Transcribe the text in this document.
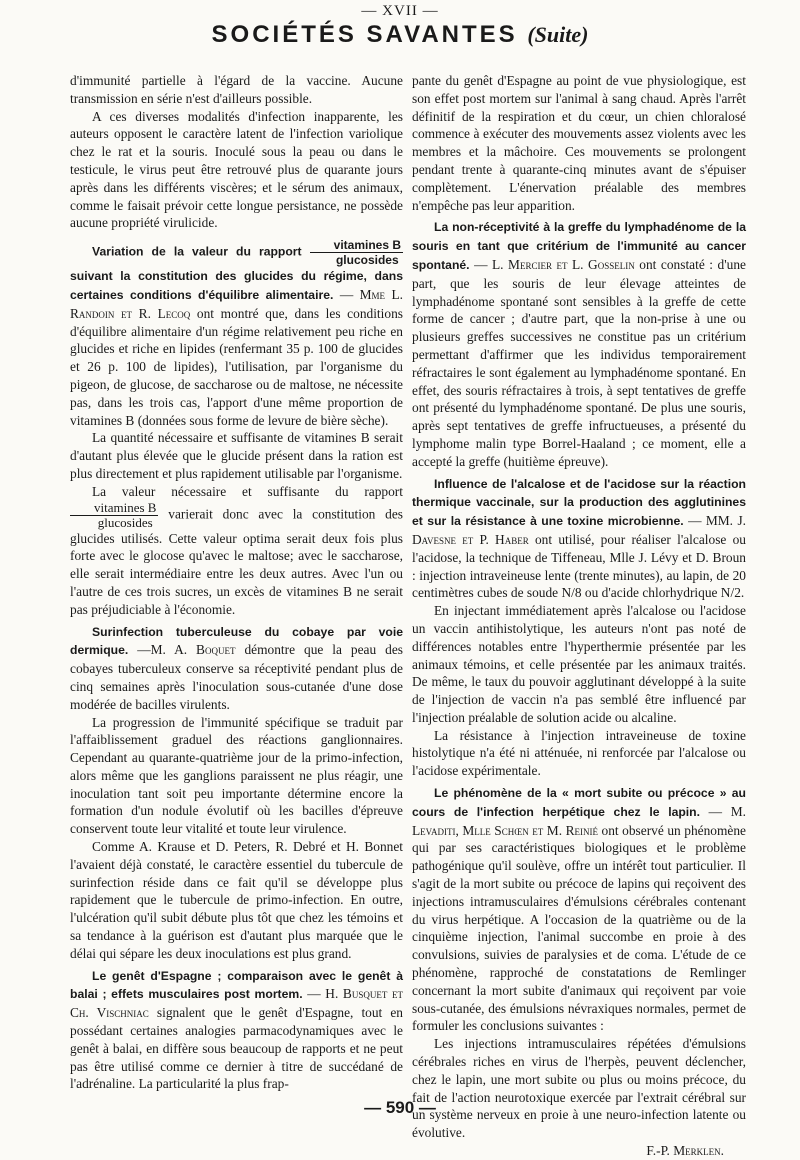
— XVII —
SOCIÉTÉS SAVANTES (Suite)

d'immunité partielle à l'égard de la vaccine. Aucune transmission en série n'est d'ailleurs possible.

A ces diverses modalités d'infection inapparente, les auteurs opposent le caractère latent de l'infection variolique chez le rat et la souris. Inoculé sous la peau ou dans le testicule, le virus peut être retrouvé plus de quarante jours après dans les différents viscères; et le sérum des animaux, comme le faisait prévoir cette longue persistance, ne possède aucune propriété virulicide.

Variation de la valeur du rapport $\frac{\text{vitamines B}}{\text{glucosides}}$
suivant la constitution des glucides du régime, dans certaines conditions d'équilibre alimentaire. — Mme L. Randoin et R. Lecoq ont montré que, dans les conditions d'équilibre alimentaire d'un régime relativement peu riche en glucides et riche en lipides (renfermant 35 p. 100 de glucides et 26 p. 100 de lipides), l'utilisation, par l'organisme du pigeon, de glucose, de saccharose ou de maltose, ne nécessite pas, dans les trois cas, l'apport d'une même proportion de vitamines B (données sous forme de levure de bière sèche).

La quantité nécessaire et suffisante de vitamines B serait d'autant plus élevée que le glucide présent dans la ration est plus directement et plus rapidement utilisable par l'organisme.

La valeur nécessaire et suffisante du rapport
$\frac{\text{vitamines B}}{\text{glucosides}}$ varierait donc avec la constitution des glucides utilisés. Cette valeur optima serait deux fois plus forte avec le glocose qu'avec le maltose; avec le saccharose, elle serait intermédiaire entre les deux autres. Avec l'un ou l'autre de ces trois sucres, un excès de vitamines B ne serait pas préjudiciable à l'économie.

Surinfection tuberculeuse du cobaye par voie dermique. —M. A. Boquet démontre que la peau des cobayes tuberculeux conserve sa réceptivité pendant plus de cinq semaines après l'inoculation sous-cutanée d'une dose modérée de bacilles virulents.

La progression de l'immunité spécifique se traduit par l'affaiblissement graduel des réactions ganglionnaires. Cependant au quarante-quatrième jour de la primo-infection, alors même que les ganglions paraissent ne plus réagir, une inoculation tant soit peu importante détermine encore la formation d'un nodule évolutif où les bacilles d'épreuve conservent toute leur vitalité et toute leur virulence.

Comme A. Krause et D. Peters, R. Debré et H. Bonnet l'avaient déjà constaté, le caractère essentiel du tubercule de surinfection réside dans ce fait qu'il se développe plus rapidement que le tubercule de primo-infection. En outre, l'ulcération qu'il subit débute plus tôt que chez les témoins et sa tendance à la guérison est d'autant plus marquée que le délai qui sépare les deux inoculations est plus grand.

Le genêt d'Espagne ; comparaison avec le genêt à balai ; effets musculaires post mortem. — H. Busquet et Ch. Vischniac signalent que le genêt d'Espagne, tout en possédant certaines analogies parmacodynamiques avec le genêt à balai, en diffère sous beaucoup de rapports et ne peut pas être utilisé comme ce dernier à titre de succédané de l'adrénaline. La particularité la plus frap-

pante du genêt d'Espagne au point de vue physiologique, est son effet post mortem sur l'animal à sang chaud. Après l'arrêt définitif de la respiration et du cœur, un chien chloralosé commence à exécuter des mouvements assez violents avec les membres et la mâchoire. Ces mouvements se prolongent pendant trente à quarante-cinq minutes avant de s'épuiser complètement. L'énervation préalable des membres n'empêche pas leur apparition.

La non-réceptivité à la greffe du lymphadénome de la souris en tant que critérium de l'immunité au cancer spontané. — L. Mercier et L. Gosselin ont constaté : d'une part, que les souris de leur élevage atteintes de lymphadénome spontané sont sensibles à la greffe de cette forme de cancer ; d'autre part, que la non-prise à une ou plusieurs greffes successives ne constitue pas un critérium permettant d'affirmer que les individus temporairement réfractaires le sont également au lymphadénome spontané. En effet, des souris réfractaires à trois, à sept tentatives de greffe ont présenté du lymphadénome spontané. De plus une souris, après sept tentatives de greffe infructueuses, a présenté du lymphome malin type Borrel-Haaland ; ce moment, elle a accepté la greffe (huitième épreuve).

Influence de l'alcalose et de l'acidose sur la réaction thermique vaccinale, sur la production des agglutinines et sur la résistance à une toxine microbienne. — MM. J. Davesne et P. Haber ont utilisé, pour réaliser l'alcalose ou l'acidose, la technique de Tiffeneau, Mlle J. Lévy et D. Broun : injection intraveineuse lente (trente minutes), au lapin, de 20 centimètres cubes de soude N/8 ou d'acide chlorhydrique N/2.

En injectant immédiatement après l'alcalose ou l'acidose un vaccin antihistolytique, les auteurs n'ont pas noté de différences notables entre l'hyperthermie présentée par les animaux témoins, et celle présentée par les animaux traités. De même, le taux du pouvoir agglutinant développé à la suite de l'injection de vaccin n'a pas semblé être influencé par l'injection préalable de solution acide ou alcaline.

La résistance à l'injection intraveineuse de toxine histolytique n'a été ni atténuée, ni renforcée par l'alcalose ou l'acidose expérimentale.

Le phénomène de la « mort subite ou précoce » au cours de l'infection herpétique chez le lapin. — M. Levaditi, Mlle Schœn et M. Reinié ont observé un phénomène qui par ses caractéristiques biologiques et le problème pathogénique qu'il soulève, offre un intérêt tout particulier. Il s'agit de la mort subite ou précoce de lapins qui reçoivent des injections intramusculaires d'émulsions cérébrales contenant du virus herpétique. A l'occasion de la quatrième ou de la cinquième injection, l'animal succombe en proie à des convulsions, suivies de paralysies et de coma. L'étude de ce phénomène, rapproché de constatations de Remlinger concernant la mort subite d'animaux qui reçoivent par voie sous-cutanée, des émulsions névraxiques normales, permet de formuler les conclusions suivantes :

Les injections intramusculaires répétées d'émulsions cérébrales riches en virus de l'herpès, peuvent déclencher, chez le lapin, une mort subite ou plus ou moins précoce, du fait de l'action neurotoxique exercée par l'extrait cérébral sur un système nerveux en proie à une neuro-infection latente ou évolutive.

F.-P. Merklen.

— 590 —
